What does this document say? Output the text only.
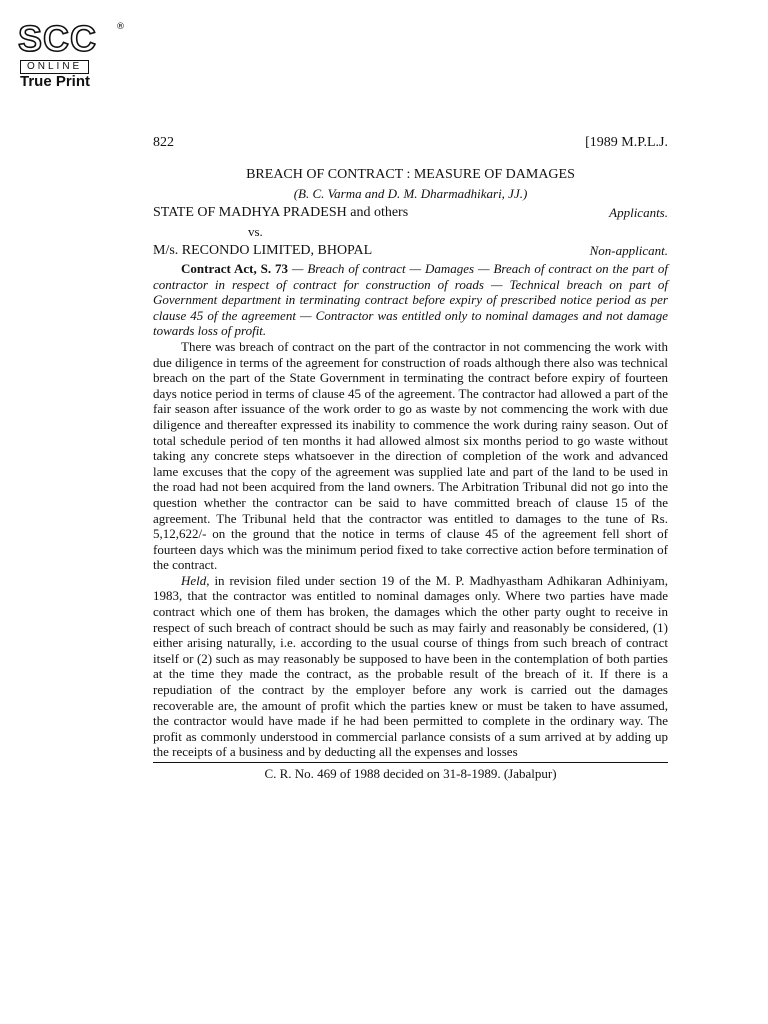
SCC	®
ONLINE
True Print
822	[1989 M.P.L.J.
BREACH OF CONTRACT : MEASURE OF DAMAGES
(B. C. Varma and D. M. Dharmadhikari, JJ.)
STATE OF MADHYA PRADESH and others	Applicants.
vs.
M/s. RECONDO LIMITED, BHOPAL	Non-applicant.

Contract Act, S. 73 — Breach of contract — Damages — Breach of contract on the part of contractor in respect of contract for construction of roads — Technical breach on part of Government department in terminating contract before expiry of prescribed notice period as per clause 45 of the agreement — Contractor was entitled only to nominal damages and not damage towards loss of profit.

There was breach of contract on the part of the contractor in not commencing the work with due diligence in terms of the agreement for construction of roads although there also was technical breach on the part of the State Government in terminating the contract before expiry of fourteen days notice period in terms of clause 45 of the agreement. The contractor had allowed a part of the fair season after issuance of the work order to go as waste by not commencing the work with due diligence and thereafter expressed its inability to commence the work during rainy season. Out of total schedule period of ten months it had allowed almost six months period to go waste without taking any concrete steps whatsoever in the direction of completion of the work and advanced lame excuses that the copy of the agreement was supplied late and part of the land to be used in the road had not been acquired from the land owners. The Arbitration Tribunal did not go into the question whether the contractor can be said to have committed breach of clause 15 of the agreement. The Tribunal held that the contractor was entitled to damages to the tune of Rs. 5,12,622/- on the ground that the notice in terms of clause 45 of the agreement fell short of fourteen days which was the minimum period fixed to take corrective action before termination of the contract.

Held, in revision filed under section 19 of the M. P. Madhyastham Adhikaran Adhiniyam, 1983, that the contractor was entitled to nominal damages only. Where two parties have made contract which one of them has broken, the damages which the other party ought to receive in respect of such breach of contract should be such as may fairly and reasonably be considered, (1) either arising naturally, i.e. according to the usual course of things from such breach of contract itself or (2) such as may reasonably be supposed to have been in the contemplation of both parties at the time they made the contract, as the probable result of the breach of it. If there is a repudiation of the contract by the employer before any work is carried out the damages recoverable are, the amount of profit which the parties knew or must be taken to have assumed, the contractor would have made if he had been permitted to complete in the ordinary way. The profit as commonly understood in commercial parlance consists of a sum arrived at by adding up the receipts of a business and by deducting all the expenses and losses

C. R. No. 469 of 1988 decided on 31-8-1989. (Jabalpur)
